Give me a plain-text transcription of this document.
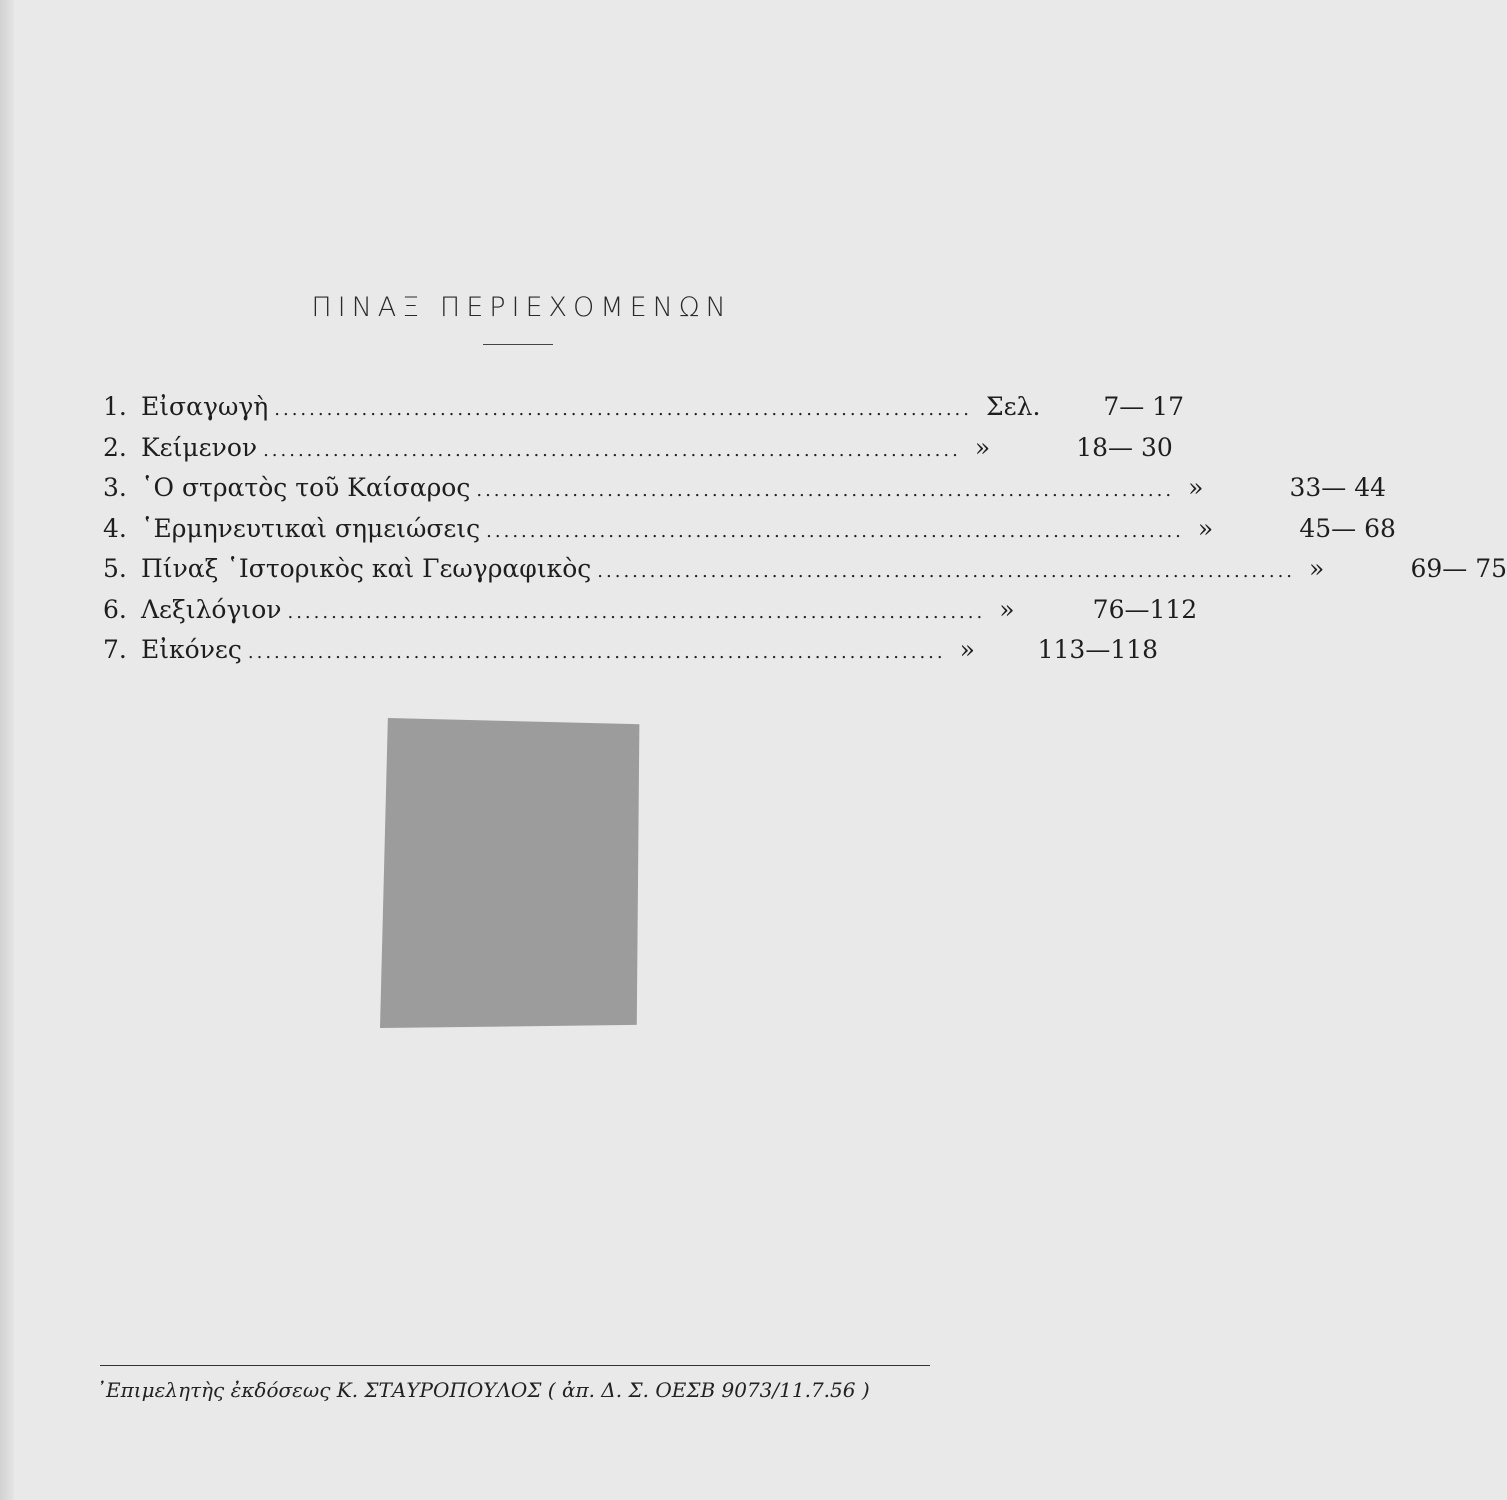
ΠΙΝΑΞ ΠΕΡΙΕΧΟΜΕΝΩΝ
1. Εἰσαγωγὴ ................................................................................ Σελ.	7— 17
2. Κείμενον ................................................................................ »	18— 30
3. ῾Ο στρατὸς τοῦ Καίσαρος ................................................................................ »	33— 44
4. ῾Ερμηνευτικαὶ σημειώσεις ................................................................................ »	45— 68
5. Πίναξ ῾Ιστορικὸς καὶ Γεωγραφικὸς ................................................................................ »	69— 75
6. Λεξιλόγιον ................................................................................ »	76—112
7. Εἰκόνες ................................................................................ »	113—118
᾿Επιμελητὴς ἐκδόσεως Κ. ΣΤΑΥΡΟΠΟΥΛΟΣ ( ἀπ. Δ. Σ. ΟΕΣΒ 9073/11.7.56 )
